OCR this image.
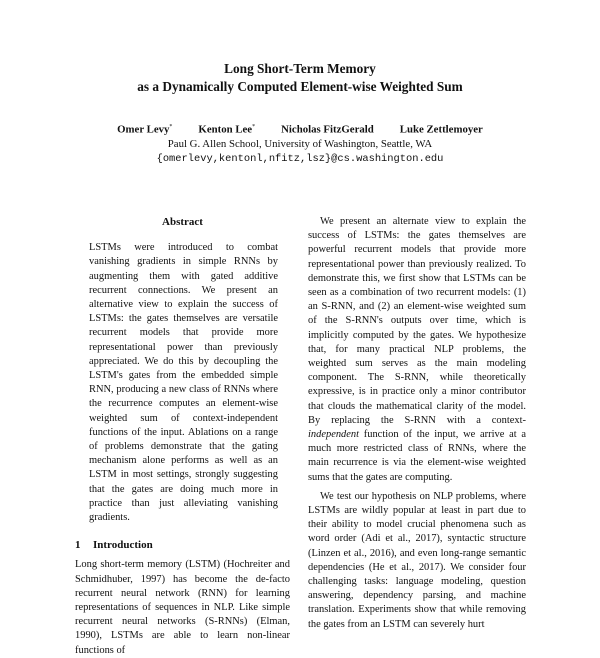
Long Short-Term Memory
as a Dynamically Computed Element-wise Weighted Sum
Omer Levy* Kenton Lee* Nicholas FitzGerald Luke Zettlemoyer
Paul G. Allen School, University of Washington, Seattle, WA
{omerlevy,kentonl,nfitz,lsz}@cs.washington.edu
Abstract

LSTMs were introduced to combat vanishing gradients in simple RNNs by augmenting them with gated additive recurrent connections. We present an alternative view to explain the success of LSTMs: the gates themselves are versatile recurrent models that provide more representational power than previously appreciated. We do this by decoupling the LSTM's gates from the embedded simple RNN, producing a new class of RNNs where the recurrence computes an element-wise weighted sum of context-independent functions of the input. Ablations on a range of problems demonstrate that the gating mechanism alone performs as well as an LSTM in most settings, strongly suggesting that the gates are doing much more in practice than just alleviating vanishing gradients.

1 Introduction

Long short-term memory (LSTM) (Hochreiter and Schmidhuber, 1997) has become the de-facto recurrent neural network (RNN) for learning representations of sequences in NLP. Like simple recurrent neural networks (S-RNNs) (Elman, 1990), LSTMs are able to learn non-linear functions of

We present an alternate view to explain the success of LSTMs: the gates themselves are powerful recurrent models that provide more representational power than previously realized. To demonstrate this, we first show that LSTMs can be seen as a combination of two recurrent models: (1) an S-RNN, and (2) an element-wise weighted sum of the S-RNN's outputs over time, which is implicitly computed by the gates. We hypothesize that, for many practical NLP problems, the weighted sum serves as the main modeling component. The S-RNN, while theoretically expressive, is in practice only a minor contributor that clouds the mathematical clarity of the model. By replacing the S-RNN with a context-independent function of the input, we arrive at a much more restricted class of RNNs, where the main recurrence is via the element-wise weighted sums that the gates are computing.

We test our hypothesis on NLP problems, where LSTMs are wildly popular at least in part due to their ability to model crucial phenomena such as word order (Adi et al., 2017), syntactic structure (Linzen et al., 2016), and even long-range semantic dependencies (He et al., 2017). We consider four challenging tasks: language modeling, question answering, dependency parsing, and machine translation. Experiments show that while removing the gates from an LSTM can severely hurt
